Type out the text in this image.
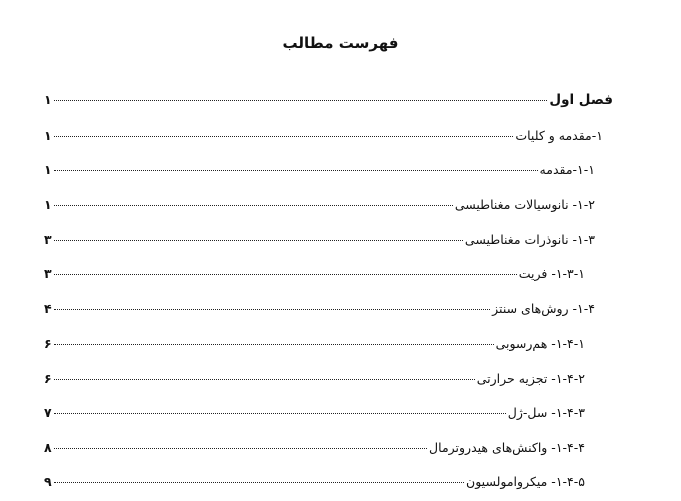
فهرست مطالب
فصل اول
۱
۱-مقدمه و کلیات
۱
۱-۱-مقدمه
۱
۱-۲- نانوسیالات مغناطیسی
۱
۱-۳- نانوذرات مغناطیسی
۳
۱-۳-۱- فریت
۳
۱-۴- روش‌های سنتز
۴
۱-۴-۱- هم‌رسوبی
۶
۱-۴-۲- تجزیه حرارتی
۶
۱-۴-۳- سل-ژل
۷
۱-۴-۴- واکنش‌های هیدروترمال
۸
۱-۴-۵- میکروامولسیون
۹
